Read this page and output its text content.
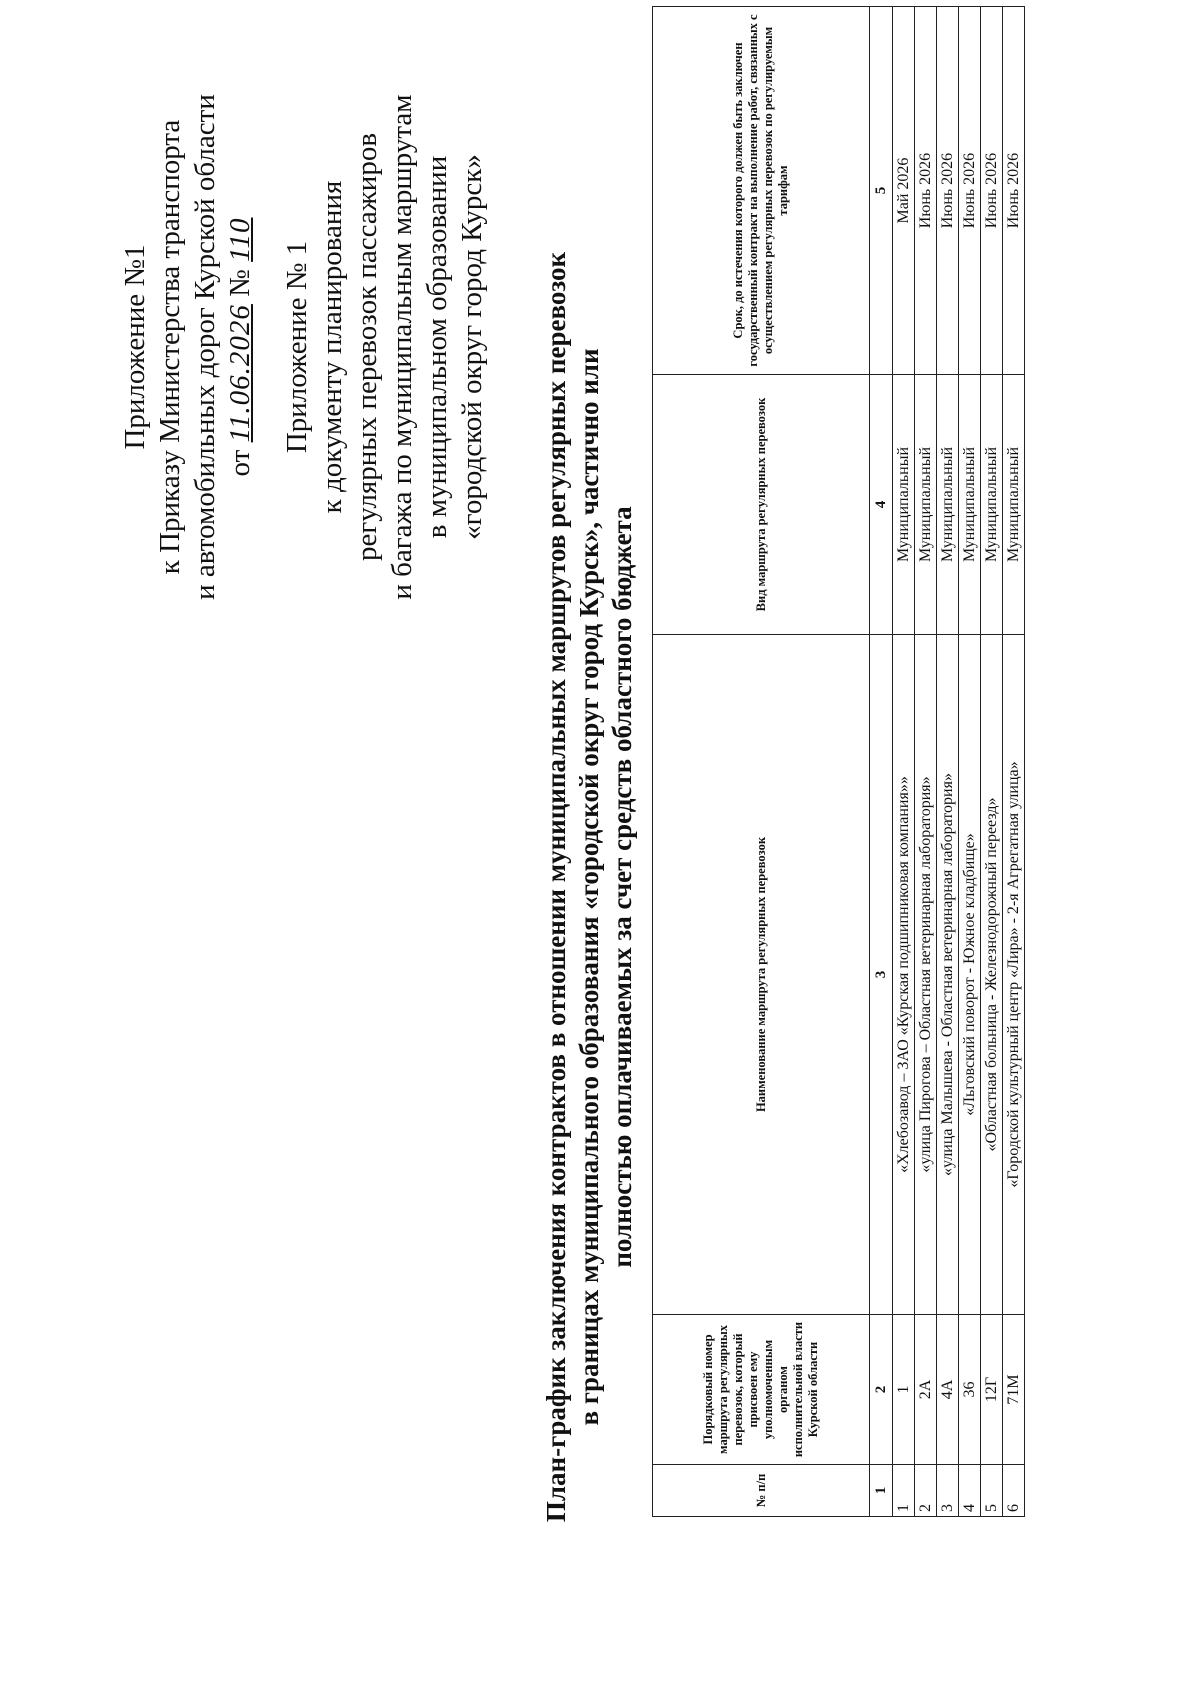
Приложение №1 к Приказу Министерства транспорта и автомобильных дорог Курской области от 11.06.2026 № 110
Приложение № 1 к документу планирования регулярных перевозок пассажиров и багажа по муниципальным маршрутам в муниципальном образовании «городской округ город Курск» План-график заключения контрактов в отношении муниципальных маршрутов регулярных перевозок в границах муниципального образования «городской округ город Курск», частично или полностью оплачиваемых за счет средств областного бюджета
№ п/п	Порядковый номер маршрута регулярных перевозок, который присвоен ему уполномоченным органом исполнительной власти Курской области	Наименование маршрута регулярных перевозок	Вид маршрута регулярных перевозок	Срок, до истечения которого должен быть заключен государственный контракт на выполнение работ, связанных с осуществлением регулярных перевозок по регулируемым тарифам
1	2	3	4	5
1	1	«Хлебозавод – ЗАО «Курская подшипниковая компания»»	Муниципальный	Май 2026
2	2А	«улица Пирогова – Областная ветеринарная лаборатория»	Муниципальный	Июнь 2026
3	4А	«улица Малышева - Областная ветеринарная лаборатория»	Муниципальный	Июнь 2026
4	36	«Льговский поворот - Южное кладбище»	Муниципальный	Июнь 2026
5	12Г	«Областная больница - Железнодорожный переезд»	Муниципальный	Июнь 2026
6	71М	«Городской культурный центр «Лира» - 2-я Агрегатная улица»	Муниципальный	Июнь 2026
